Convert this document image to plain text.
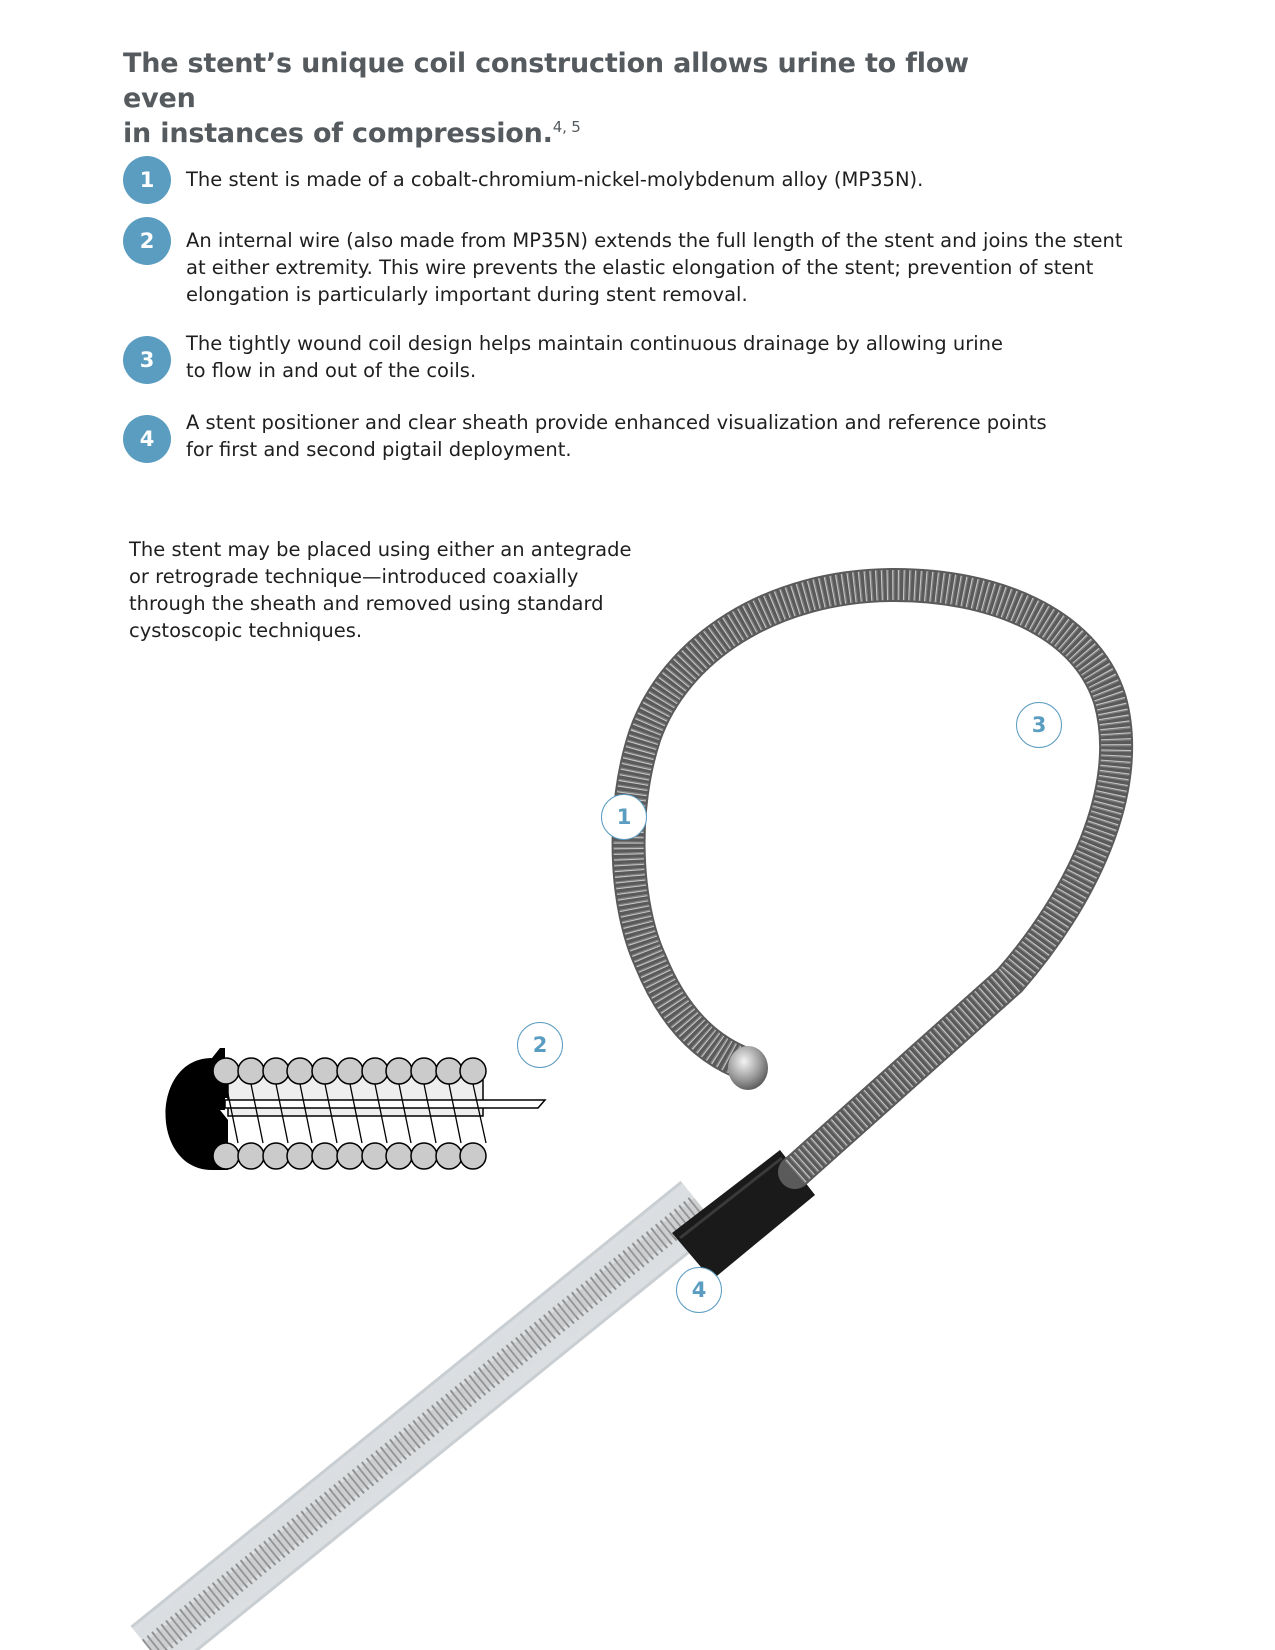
The stent’s unique coil construction allows urine to flow even
in instances of compression.$^{4, 5}$
1	The stent is made of a cobalt-chromium-nickel-molybdenum alloy (MP35N).
2	An internal wire (also made from MP35N) extends the full length of the stent and joins the stent
at either extremity. This wire prevents the elastic elongation of the stent; prevention of stent
elongation is particularly important during stent removal.
3
The tightly wound coil design helps maintain continuous drainage by allowing urine
to flow in and out of the coils.
4
A stent positioner and clear sheath provide enhanced visualization and reference points
for first and second pigtail deployment.
The stent may be placed using either an antegrade
or retrograde technique—introduced coaxially
through the sheath and removed using standard
cystoscopic techniques.
1
2
3
4
